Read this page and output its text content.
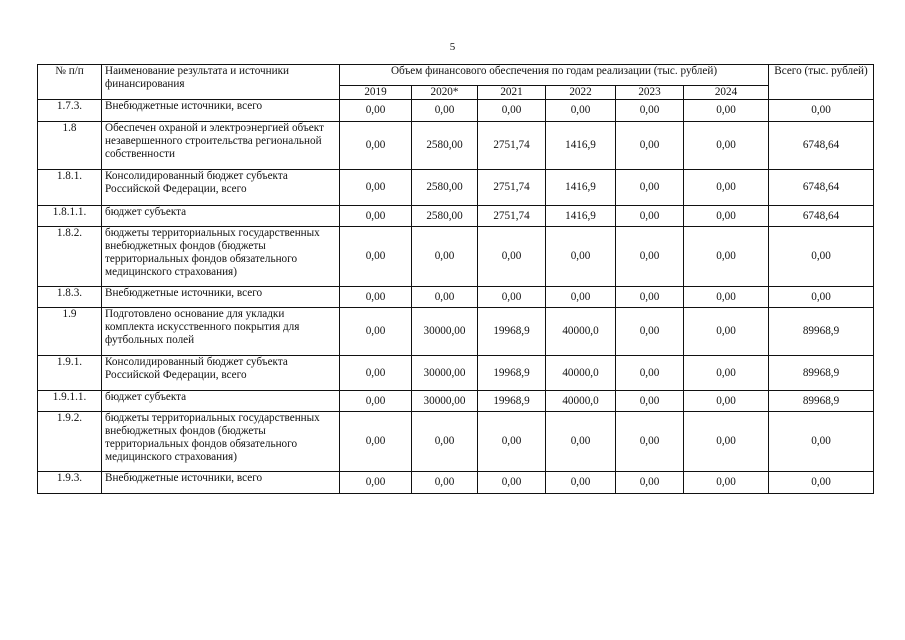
5
№ п/п	Наименование результата и источники финансирования	Объем финансового обеспечения по годам реализации (тыс. рублей)						Всего (тыс. рублей)
		2019	2020*	2021	2022	2023	2024	
1.7.3.	Внебюджетные источники, всего	0,00	0,00	0,00	0,00	0,00	0,00	0,00
1.8	Обеспечен охраной и электроэнергией объект незавершенного строительства региональной собственности	0,00	2580,00	2751,74	1416,9	0,00	0,00	6748,64
1.8.1.	Консолидированный бюджет субъекта Российской Федерации, всего	0,00	2580,00	2751,74	1416,9	0,00	0,00	6748,64
1.8.1.1.	бюджет субъекта	0,00	2580,00	2751,74	1416,9	0,00	0,00	6748,64
1.8.2.	бюджеты территориальных государственных внебюджетных фондов (бюджеты территориальных фондов обязательного медицинского страхования)	0,00	0,00	0,00	0,00	0,00	0,00	0,00
1.8.3.	Внебюджетные источники, всего	0,00	0,00	0,00	0,00	0,00	0,00	0,00
1.9	Подготовлено основание для укладки комплекта искусственного покрытия для футбольных полей	0,00	30000,00	19968,9	40000,0	0,00	0,00	89968,9
1.9.1.	Консолидированный бюджет субъекта Российской Федерации, всего	0,00	30000,00	19968,9	40000,0	0,00	0,00	89968,9
1.9.1.1.	бюджет субъекта	0,00	30000,00	19968,9	40000,0	0,00	0,00	89968,9
1.9.2.	бюджеты территориальных государственных внебюджетных фондов (бюджеты территориальных фондов обязательного медицинского страхования)	0,00	0,00	0,00	0,00	0,00	0,00	0,00
1.9.3.	Внебюджетные источники, всего	0,00	0,00	0,00	0,00	0,00	0,00	0,00
